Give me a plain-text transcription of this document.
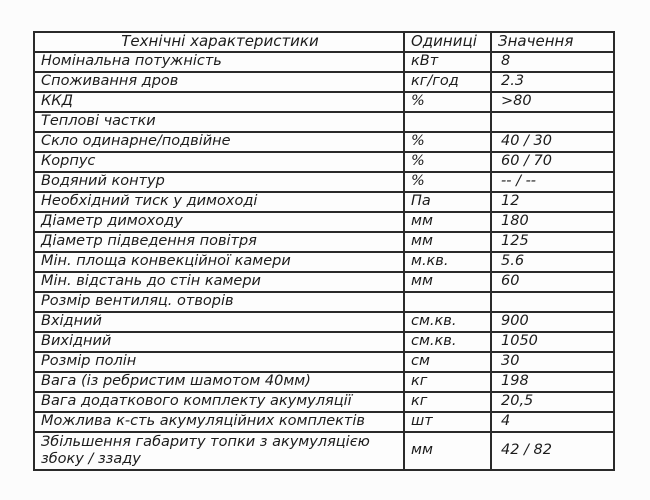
Технічні характеристики	Одиниці	Значення
Номінальна потужність	кВт	8
Споживання дров	кг/год	2.3
ККД	%	>80
Теплові частки		
Скло одинарне/подвійне	%	40 / 30
Корпус	%	60 / 70
Водяний контур	%	-- / --
Необхідний тиск у димоході	Па	12
Діаметр димоходу	мм	180
Діаметр підведення повітря	мм	125
Мін. площа конвекційної камери	м.кв.	5.6
Мін. відстань до стін камери	мм	60
Розмір вентиляц. отворів		
Вхідний	см.кв.	900
Вихідний	см.кв.	1050
Розмір полін	см	30
Вага (із ребристим шамотом 40мм)	кг	198
Вага додаткового комплекту акумуляції	кг	20,5
Можлива к-сть акумуляційних комплектів	шт	4
Збільшення габариту топки з акумуляцією збоку / ззаду	мм	42 / 82
